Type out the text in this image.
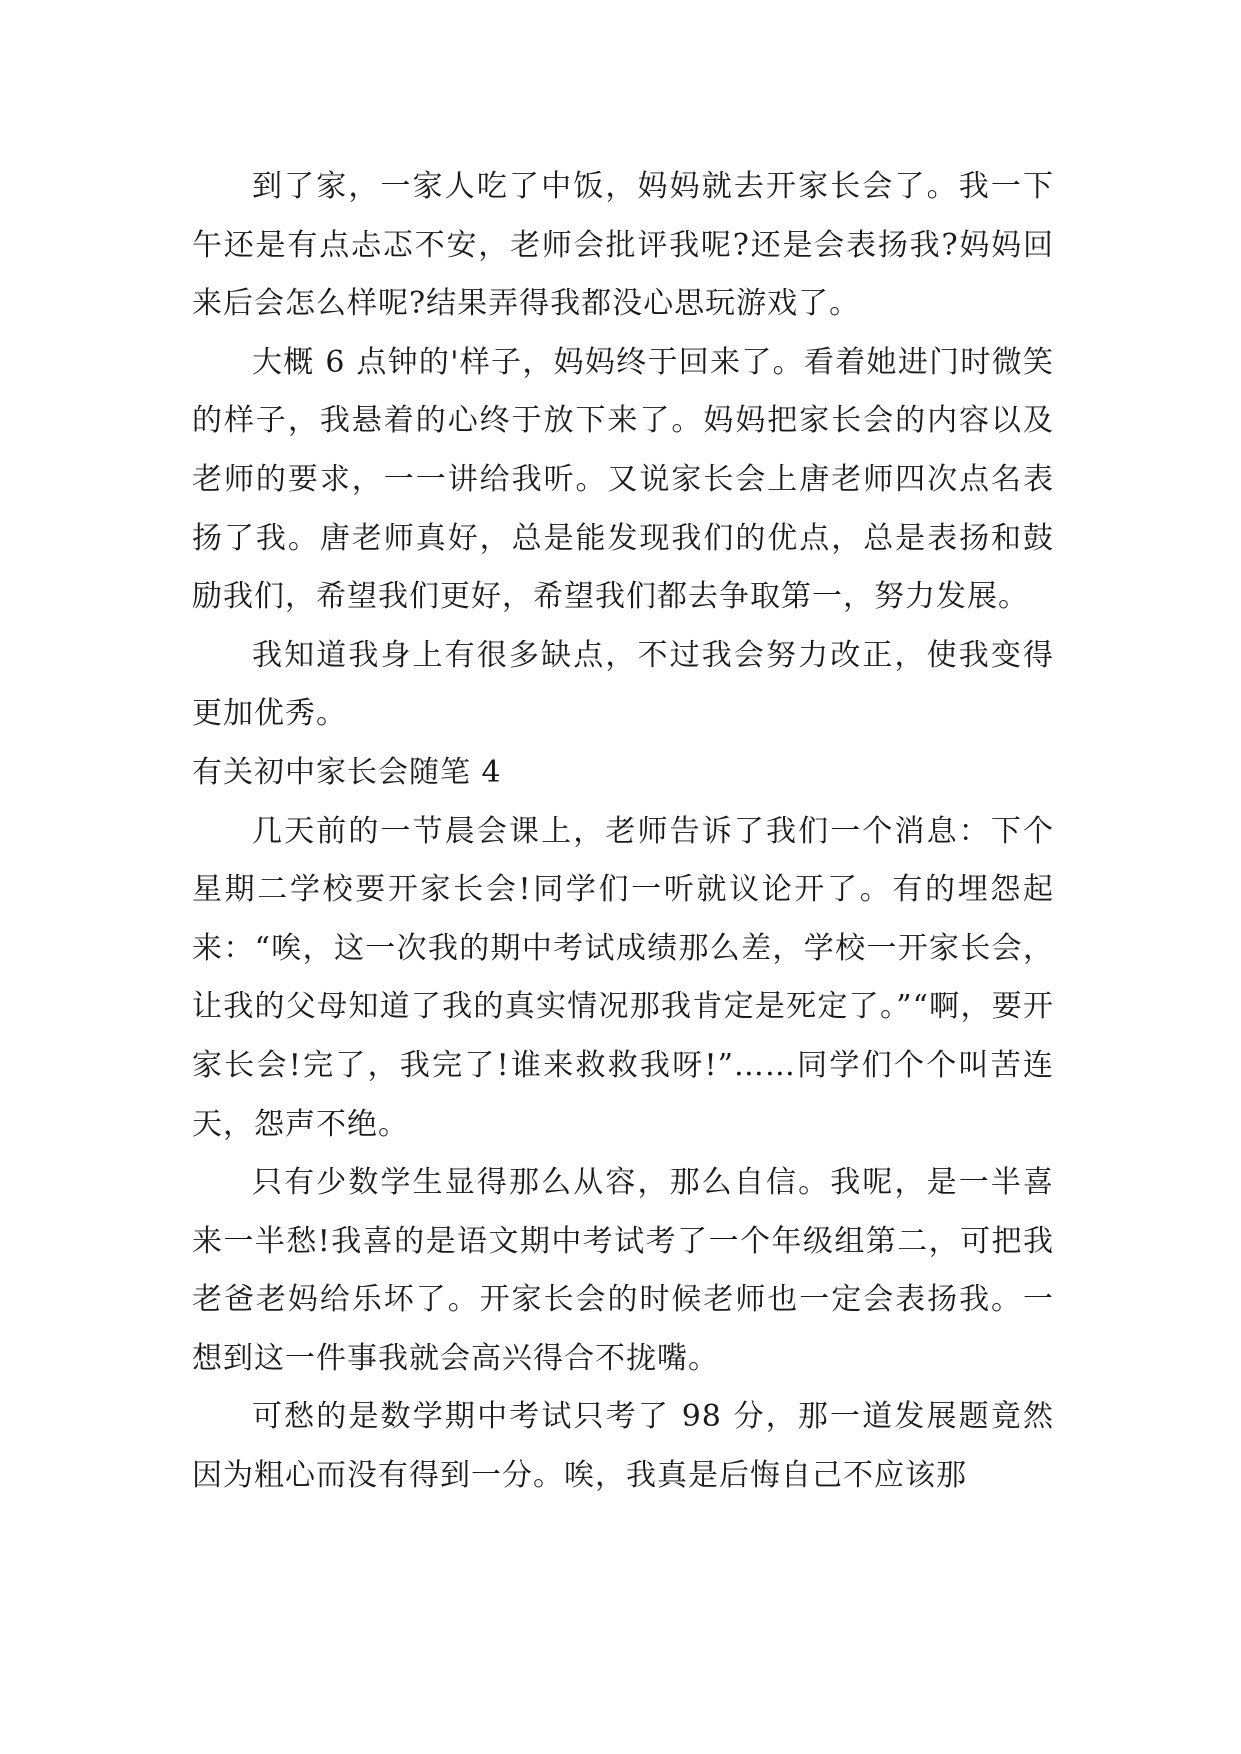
到了家，一家人吃了中饭，妈妈就去开家长会了。我一下午还是有点忐忑不安，老师会批评我呢?还是会表扬我?妈妈回来后会怎么样呢?结果弄得我都没心思玩游戏了。

大概 6 点钟的'样子，妈妈终于回来了。看着她进门时微笑的样子，我悬着的心终于放下来了。妈妈把家长会的内容以及老师的要求，一一讲给我听。又说家长会上唐老师四次点名表扬了我。唐老师真好，总是能发现我们的优点，总是表扬和鼓励我们，希望我们更好，希望我们都去争取第一，努力发展。

我知道我身上有很多缺点，不过我会努力改正，使我变得更加优秀。

有关初中家长会随笔 4

几天前的一节晨会课上，老师告诉了我们一个消息：下个星期二学校要开家长会!同学们一听就议论开了。有的埋怨起来：“唉，这一次我的期中考试成绩那么差，学校一开家长会，让我的父母知道了我的真实情况那我肯定是死定了。”“啊，要开家长会!完了，我完了!谁来救救我呀!”……同学们个个叫苦连天，怨声不绝。

只有少数学生显得那么从容，那么自信。我呢，是一半喜来一半愁!我喜的是语文期中考试考了一个年级组第二，可把我老爸老妈给乐坏了。开家长会的时候老师也一定会表扬我。一想到这一件事我就会高兴得合不拢嘴。

可愁的是数学期中考试只考了 98 分，那一道发展题竟然因为粗心而没有得到一分。唉，我真是后悔自己不应该那
